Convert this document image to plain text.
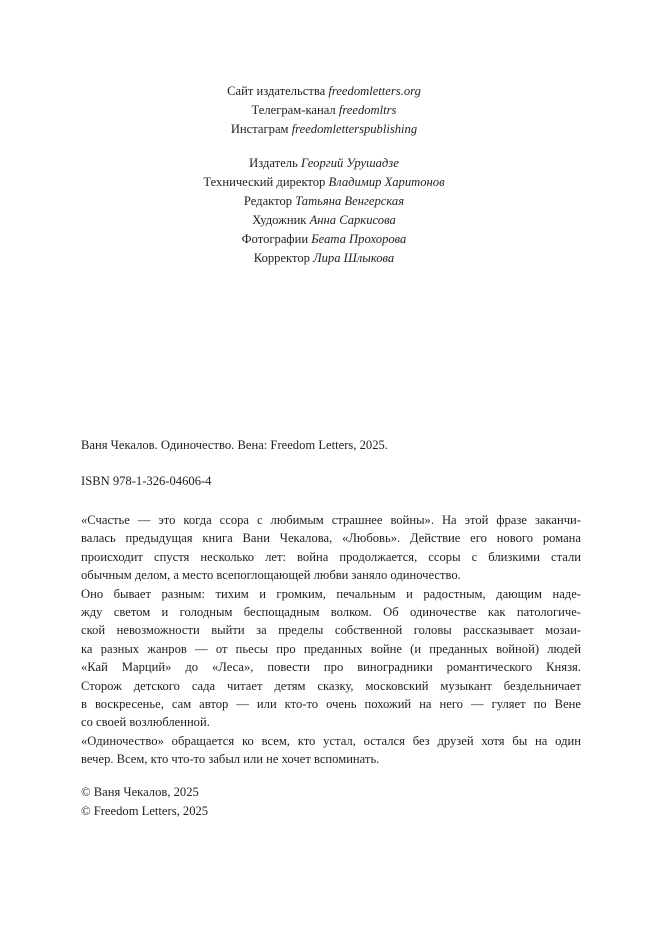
Сайт издательства freedomletters.org
Телеграм-канал freedomltrs
Инстаграм freedomletterspublishing
Издатель Георгий Урушадзе
Технический директор Владимир Харитонов
Редактор Татьяна Венгерская
Художник Анна Саркисова
Фотографии Беата Прохорова
Корректор Лира Шлыкова
Ваня Чекалов. Одиночество. Вена: Freedom Letters, 2025.
ISBN 978-1-326-04606-4
«Счастье — это когда ссора с любимым страшнее войны». На этой фразе заканчи-
валась предыдущая книга Вани Чекалова, «Любовь». Действие его нового романа
происходит спустя несколько лет: война продолжается, ссоры с близкими стали
обычным делом, а место всепоглощающей любви заняло одиночество.
Оно бывает разным: тихим и громким, печальным и радостным, дающим наде-
жду светом и голодным беспощадным волком. Об одиночестве как патологиче-
ской невозможности выйти за пределы собственной головы рассказывает мозаи-
ка разных жанров — от пьесы про преданных войне (и преданных войной) людей
«Кай Марций» до «Леса», повести про виноградники романтического Князя.
Сторож детского сада читает детям сказку, московский музыкант бездельничает
в воскресенье, сам автор — или кто-то очень похожий на него — гуляет по Вене
со своей возлюбленной.
«Одиночество» обращается ко всем, кто устал, остался без друзей хотя бы на один
вечер. Всем, кто что-то забыл или не хочет вспоминать.
© Ваня Чекалов, 2025
© Freedom Letters, 2025
